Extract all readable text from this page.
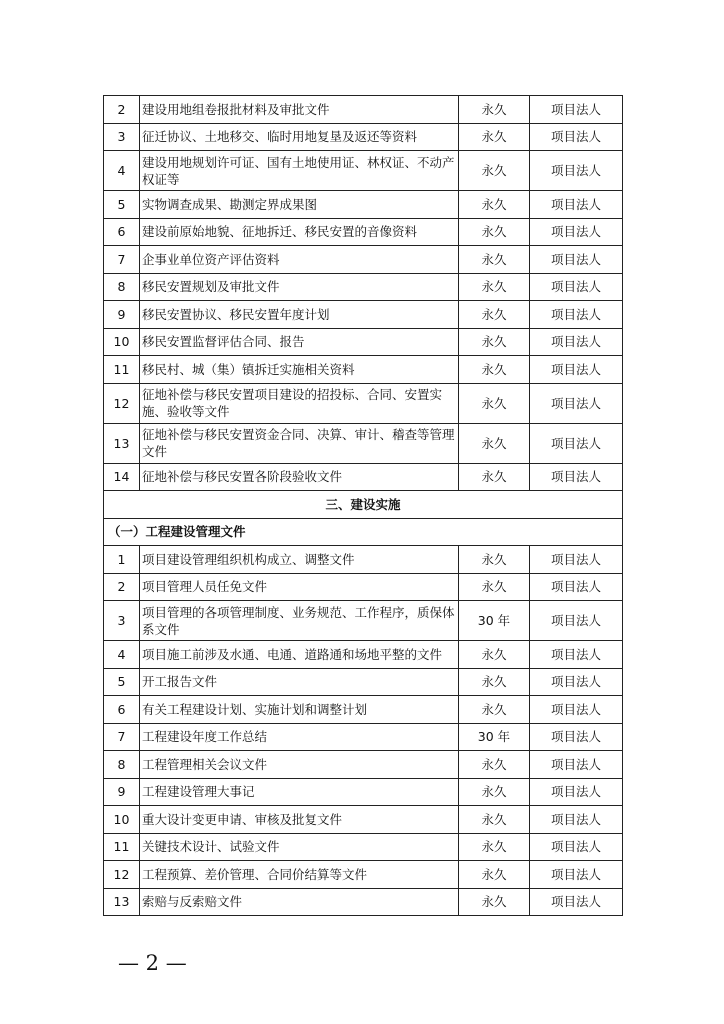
2	建设用地组卷报批材料及审批文件	永久	项目法人
3	征迁协议、土地移交、临时用地复垦及返还等资料	永久	项目法人
4	建设用地规划许可证、国有土地使用证、林权证、不动产权证等	永久	项目法人
5	实物调查成果、勘测定界成果图	永久	项目法人
6	建设前原始地貌、征地拆迁、移民安置的音像资料	永久	项目法人
7	企事业单位资产评估资料	永久	项目法人
8	移民安置规划及审批文件	永久	项目法人
9	移民安置协议、移民安置年度计划	永久	项目法人
10	移民安置监督评估合同、报告	永久	项目法人
11	移民村、城（集）镇拆迁实施相关资料	永久	项目法人
12	征地补偿与移民安置项目建设的招投标、合同、安置实施、验收等文件	永久	项目法人
13	征地补偿与移民安置资金合同、决算、审计、稽查等管理文件	永久	项目法人
14	征地补偿与移民安置各阶段验收文件	永久	项目法人
三、建设实施			
（一）工程建设管理文件			
1	项目建设管理组织机构成立、调整文件	永久	项目法人
2	项目管理人员任免文件	永久	项目法人
3	项目管理的各项管理制度、业务规范、工作程序，质保体系文件	30 年	项目法人
4	项目施工前涉及水通、电通、道路通和场地平整的文件	永久	项目法人
5	开工报告文件	永久	项目法人
6	有关工程建设计划、实施计划和调整计划	永久	项目法人
7	工程建设年度工作总结	30 年	项目法人
8	工程管理相关会议文件	永久	项目法人
9	工程建设管理大事记	永久	项目法人
10	重大设计变更申请、审核及批复文件	永久	项目法人
11	关键技术设计、试验文件	永久	项目法人
12	工程预算、差价管理、合同价结算等文件	永久	项目法人
13	索赔与反索赔文件	永久	项目法人
— 2 —
